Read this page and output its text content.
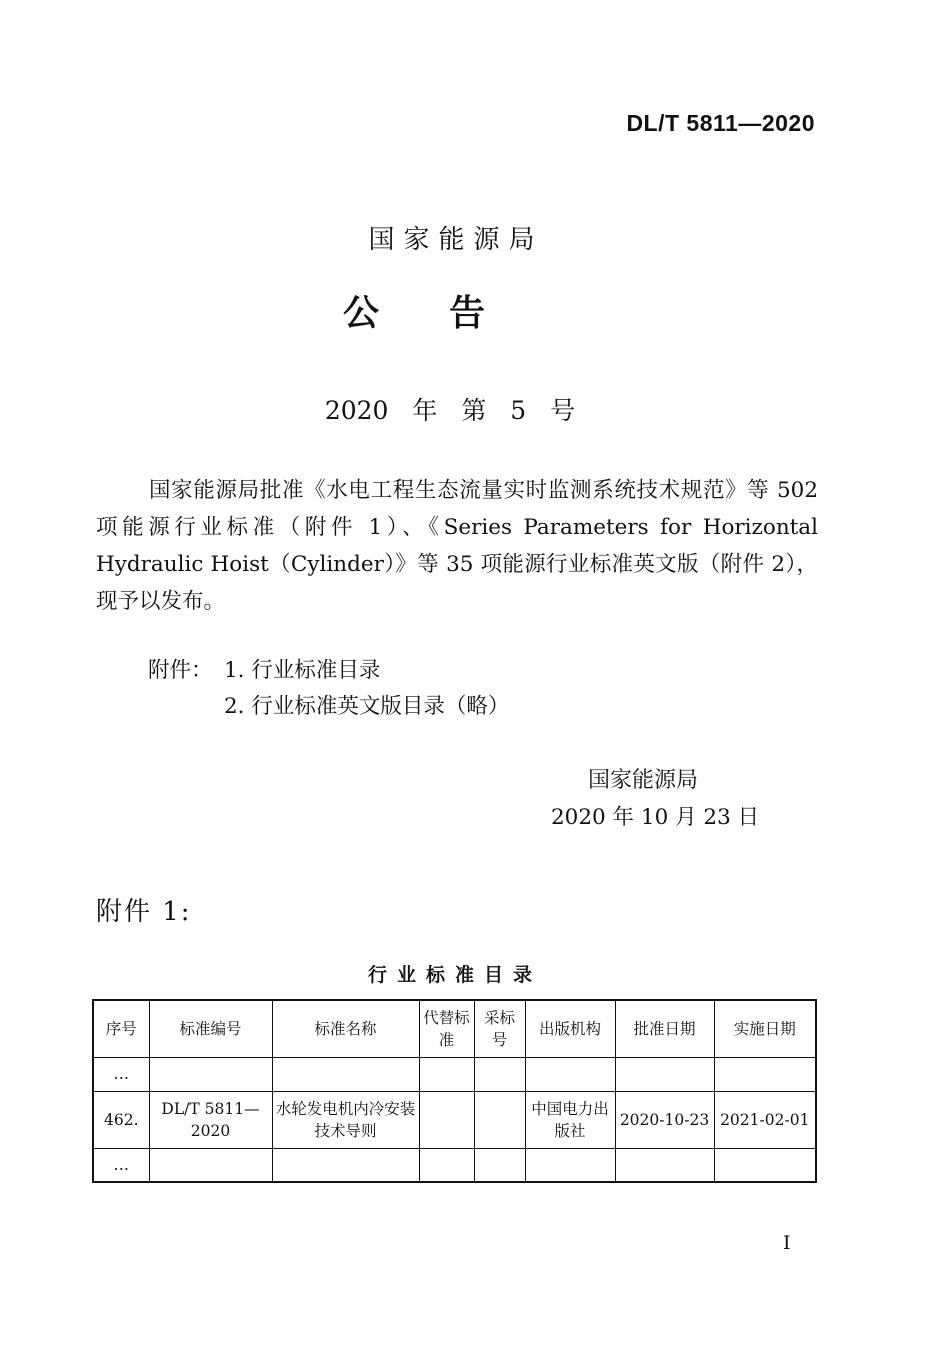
DL/T 5811—2020
国家能源局
公告
2020 年 第 5 号
国家能源局批准《水电工程生态流量实时监测系统技术规范》等 502 项能源行业标准（附件 1）、《Series Parameters for Horizontal Hydraulic Hoist（Cylinder）》等 35 项能源行业标准英文版（附件 2），现予以发布。
附件： 1. 行业标准目录
2. 行业标准英文版目录（略）
国家能源局
2020 年 10 月 23 日
附件 1:
行业标准目录
序号	标准编号	标准名称	代替标准	采标号	出版机构	批准日期	实施日期
…							
462.	DL/T 5811—2020	水轮发电机内冷安装技术导则			中国电力出版社	2020-10-23	2021-02-01
…							
I
